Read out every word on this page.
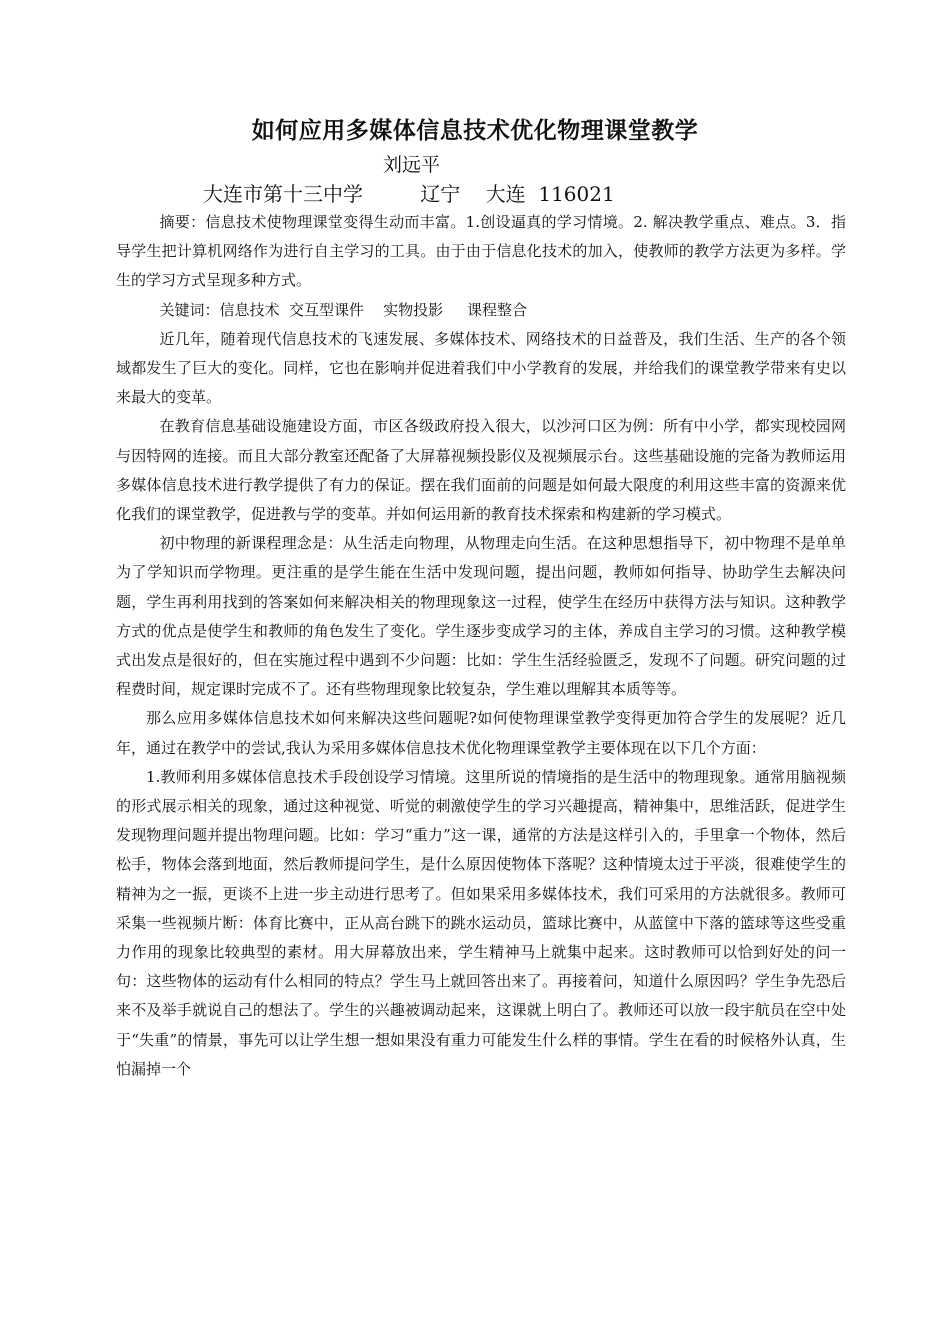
如何应用多媒体信息技术优化物理课堂教学
刘远平
大连市第十三中学         辽宁    大连  116021

摘要：信息技术使物理课堂变得生动而丰富。1.创设逼真的学习情境。2. 解决教学重点、难点。3．指导学生把计算机网络作为进行自主学习的工具。由于由于信息化技术的加入，使教师的教学方法更为多样。学生的学习方式呈现多种方式。

关键词：信息技术  交互型课件    实物投影     课程整合

近几年，随着现代信息技术的飞速发展、多媒体技术、网络技术的日益普及，我们生活、生产的各个领域都发生了巨大的变化。同样，它也在影响并促进着我们中小学教育的发展，并给我们的课堂教学带来有史以来最大的变革。

在教育信息基础设施建设方面，市区各级政府投入很大，以沙河口区为例：所有中小学，都实现校园网与因特网的连接。而且大部分教室还配备了大屏幕视频投影仪及视频展示台。这些基础设施的完备为教师运用多媒体信息技术进行教学提供了有力的保证。摆在我们面前的问题是如何最大限度的利用这些丰富的资源来优化我们的课堂教学，促进教与学的变革。并如何运用新的教育技术探索和构建新的学习模式。

初中物理的新课程理念是：从生活走向物理，从物理走向生活。在这种思想指导下，初中物理不是单单为了学知识而学物理。更注重的是学生能在生活中发现问题，提出问题，教师如何指导、协助学生去解决问题，学生再利用找到的答案如何来解决相关的物理现象这一过程，使学生在经历中获得方法与知识。这种教学方式的优点是使学生和教师的角色发生了变化。学生逐步变成学习的主体，养成自主学习的习惯。这种教学模式出发点是很好的，但在实施过程中遇到不少问题：比如：学生生活经验匮乏，发现不了问题。研究问题的过程费时间，规定课时完成不了。还有些物理现象比较复杂，学生难以理解其本质等等。

那么应用多媒体信息技术如何来解决这些问题呢?如何使物理课堂教学变得更加符合学生的发展呢？近几年，通过在教学中的尝试,我认为采用多媒体信息技术优化物理课堂教学主要体现在以下几个方面：

1.教师利用多媒体信息技术手段创设学习情境。这里所说的情境指的是生活中的物理现象。通常用脑视频的形式展示相关的现象，通过这种视觉、听觉的刺激使学生的学习兴趣提高，精神集中，思维活跃，促进学生发现物理问题并提出物理问题。比如：学习“重力”这一课，通常的方法是这样引入的，手里拿一个物体，然后松手，物体会落到地面，然后教师提问学生，是什么原因使物体下落呢？这种情境太过于平淡，很难使学生的精神为之一振，更谈不上进一步主动进行思考了。但如果采用多媒体技术，我们可采用的方法就很多。教师可采集一些视频片断：体育比赛中，正从高台跳下的跳水运动员，篮球比赛中，从蓝筐中下落的篮球等这些受重力作用的现象比较典型的素材。用大屏幕放出来，学生精神马上就集中起来。这时教师可以恰到好处的问一句：这些物体的运动有什么相同的特点？学生马上就回答出来了。再接着问，知道什么原因吗？学生争先恐后来不及举手就说自己的想法了。学生的兴趣被调动起来，这课就上明白了。教师还可以放一段宇航员在空中处于“失重”的情景，事先可以让学生想一想如果没有重力可能发生什么样的事情。学生在看的时候格外认真，生怕漏掉一个
